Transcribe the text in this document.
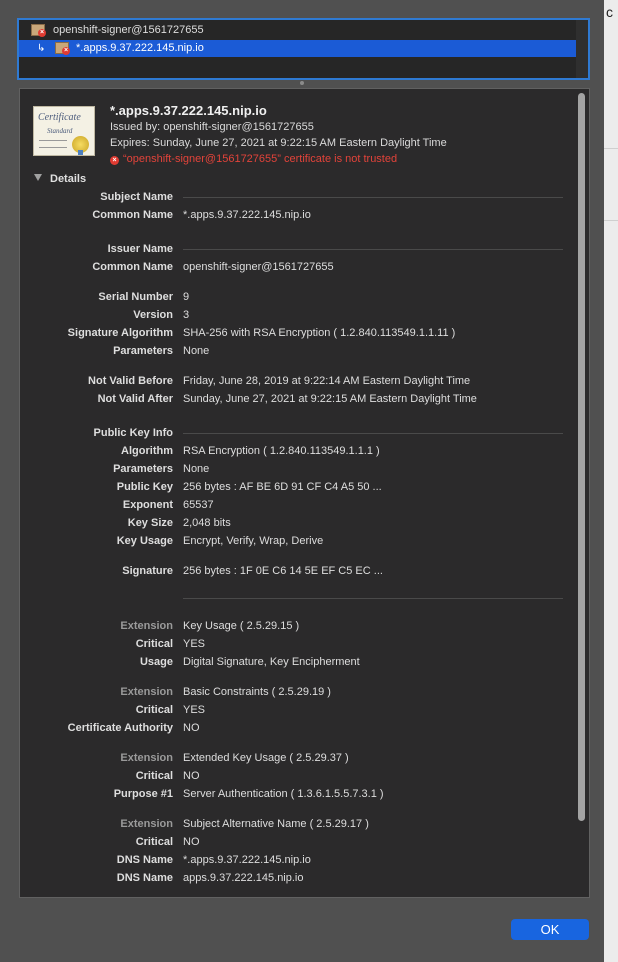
c
× openshift-signer@1561727655
↳	× *.apps.9.37.222.145.nip.io
Certificate
Standard
*.apps.9.37.222.145.nip.io
Issued by: openshift-signer@1561727655
Expires: Sunday, June 27, 2021 at 9:22:15 AM Eastern Daylight Time
× “openshift-signer@1561727655” certificate is not trusted
Details
Subject Name
Common Name *.apps.9.37.222.145.nip.io
Issuer Name
Common Name openshift-signer@1561727655
Serial Number 9
Version 3
Signature Algorithm SHA-256 with RSA Encryption ( 1.2.840.113549.1.1.11 )
Parameters None
Not Valid Before Friday, June 28, 2019 at 9:22:14 AM Eastern Daylight Time
Not Valid After Sunday, June 27, 2021 at 9:22:15 AM Eastern Daylight Time
Public Key Info
Algorithm RSA Encryption ( 1.2.840.113549.1.1.1 )
Parameters None
Public Key 256 bytes : AF BE 6D 91 CF C4 A5 50 ...
Exponent 65537
Key Size 2,048 bits
Key Usage Encrypt, Verify, Wrap, Derive
Signature 256 bytes : 1F 0E C6 14 5E EF C5 EC ...
Extension Key Usage ( 2.5.29.15 )
Critical YES
Usage Digital Signature, Key Encipherment
Extension Basic Constraints ( 2.5.29.19 )
Critical YES
Certificate Authority NO
Extension Extended Key Usage ( 2.5.29.37 )
Critical NO
Purpose #1 Server Authentication ( 1.3.6.1.5.5.7.3.1 )
Extension Subject Alternative Name ( 2.5.29.17 )
Critical NO
DNS Name *.apps.9.37.222.145.nip.io
DNS Name apps.9.37.222.145.nip.io
OK
